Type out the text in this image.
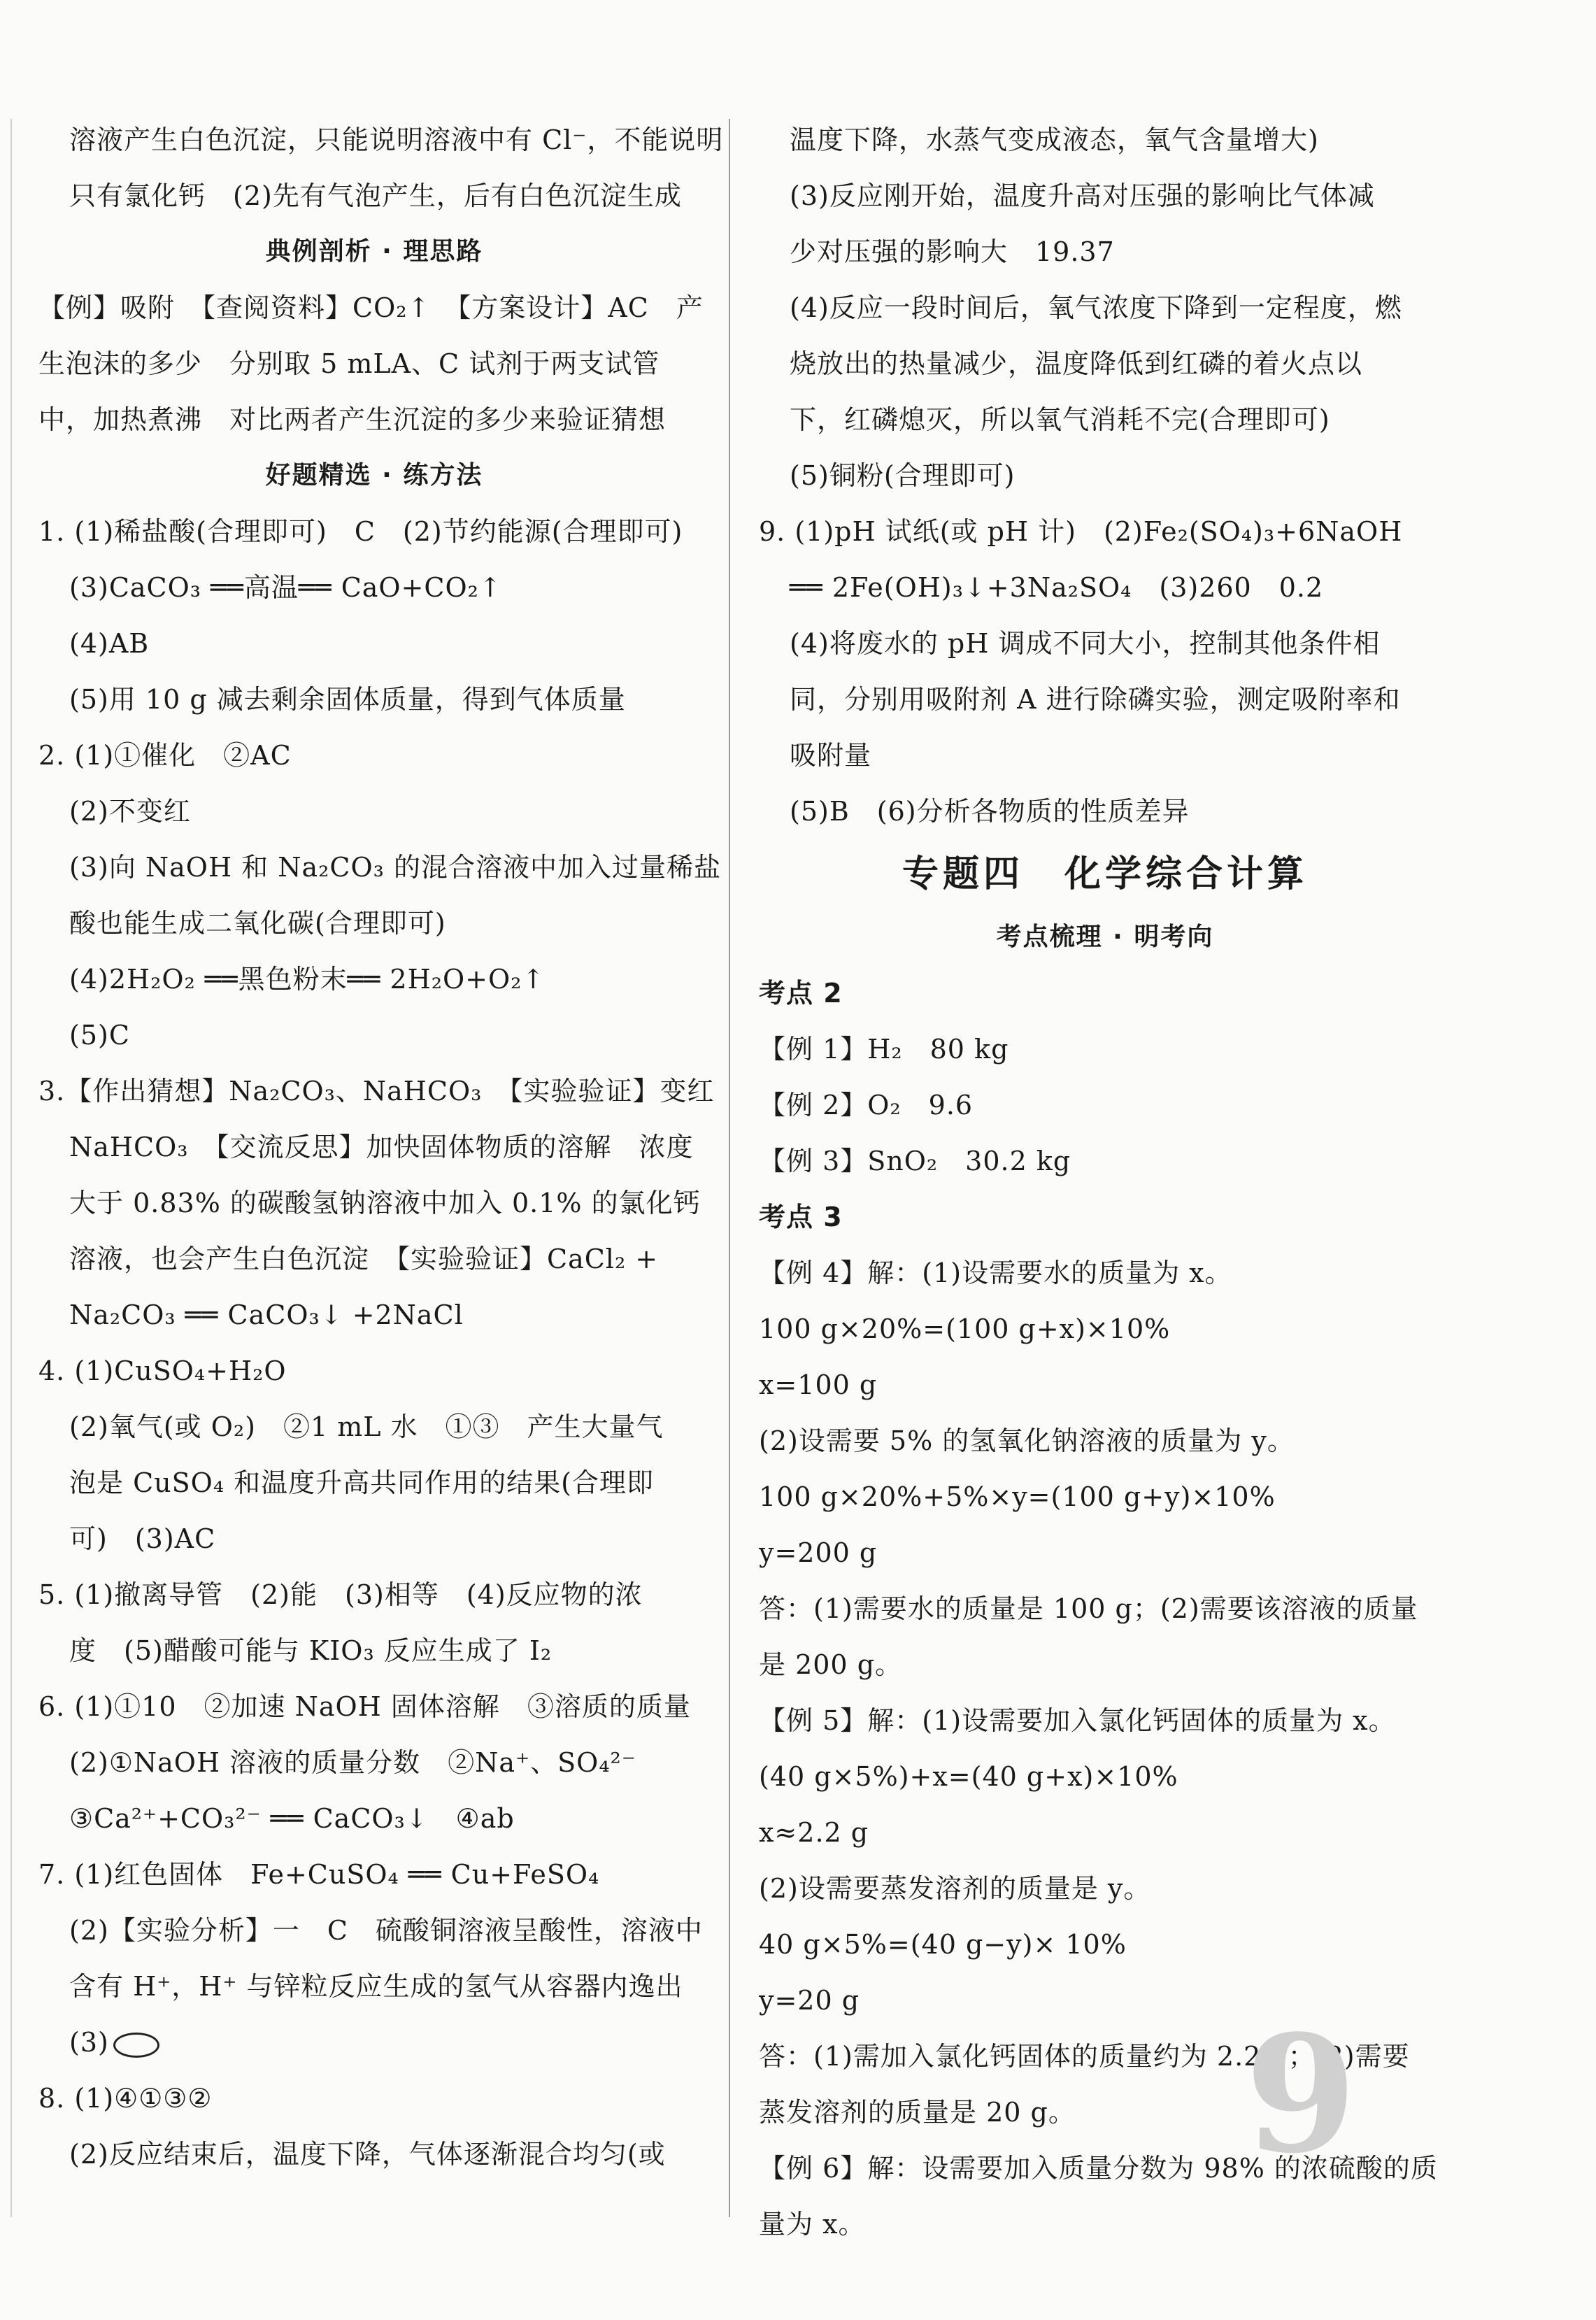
溶液产生白色沉淀，只能说明溶液中有 Cl⁻，不能说明
只有氯化钙　(2)先有气泡产生，后有白色沉淀生成
典例剖析 · 理思路
【例】吸附　【查阅资料】CO₂↑　【方案设计】AC　产
生泡沫的多少　分别取 5 mLA、C 试剂于两支试管
中，加热煮沸　对比两者产生沉淀的多少来验证猜想
好题精选 · 练方法
1. (1)稀盐酸(合理即可)　C　(2)节约能源(合理即可)
(3)CaCO₃ ══高温══ CaO+CO₂↑
(4)AB
(5)用 10 g 减去剩余固体质量，得到气体质量
2. (1)①催化　②AC
(2)不变红
(3)向 NaOH 和 Na₂CO₃ 的混合溶液中加入过量稀盐
酸也能生成二氧化碳(合理即可)
(4)2H₂O₂ ══黑色粉末══ 2H₂O+O₂↑
(5)C
3.【作出猜想】Na₂CO₃、NaHCO₃　【实验验证】变红
NaHCO₃　【交流反思】加快固体物质的溶解　浓度
大于 0.83% 的碳酸氢钠溶液中加入 0.1% 的氯化钙
溶液，也会产生白色沉淀　【实验验证】CaCl₂ +
Na₂CO₃ ══ CaCO₃↓ +2NaCl
4. (1)CuSO₄+H₂O
(2)氧气(或 O₂)　②1 mL 水　①③　产生大量气
泡是 CuSO₄ 和温度升高共同作用的结果(合理即
可)　(3)AC
5. (1)撤离导管　(2)能　(3)相等　(4)反应物的浓
度　(5)醋酸可能与 KIO₃ 反应生成了 I₂
6. (1)①10　②加速 NaOH 固体溶解　③溶质的质量
(2)①NaOH 溶液的质量分数　②Na⁺、SO₄²⁻
③Ca²⁺+CO₃²⁻ ══ CaCO₃↓　④ab
7. (1)红色固体　Fe+CuSO₄ ══ Cu+FeSO₄
(2)【实验分析】一　C　硫酸铜溶液呈酸性，溶液中
含有 H⁺，H⁺ 与锌粒反应生成的氢气从容器内逸出
(3)
8. (1)④①③②
(2)反应结束后，温度下降，气体逐渐混合均匀(或
温度下降，水蒸气变成液态，氧气含量增大)
(3)反应刚开始，温度升高对压强的影响比气体减
少对压强的影响大　19.37
(4)反应一段时间后，氧气浓度下降到一定程度，燃
烧放出的热量减少，温度降低到红磷的着火点以
下，红磷熄灭，所以氧气消耗不完(合理即可)
(5)铜粉(合理即可)
9. (1)pH 试纸(或 pH 计)　(2)Fe₂(SO₄)₃+6NaOH
══ 2Fe(OH)₃↓+3Na₂SO₄　(3)260　0.2
(4)将废水的 pH 调成不同大小，控制其他条件相
同，分别用吸附剂 A 进行除磷实验，测定吸附率和
吸附量
(5)B　(6)分析各物质的性质差异
专题四　化学综合计算
考点梳理 · 明考向
考点 2
【例 1】H₂　80 kg
【例 2】O₂　9.6
【例 3】SnO₂　30.2 kg
考点 3
【例 4】解：(1)设需要水的质量为 x。
100 g×20%=(100 g+x)×10%
x=100 g
(2)设需要 5% 的氢氧化钠溶液的质量为 y。
100 g×20%+5%×y=(100 g+y)×10%
y=200 g
答：(1)需要水的质量是 100 g；(2)需要该溶液的质量
是 200 g。
【例 5】解：(1)设需要加入氯化钙固体的质量为 x。
(40 g×5%)+x=(40 g+x)×10%
x≈2.2 g
(2)设需要蒸发溶剂的质量是 y。
40 g×5%=(40 g−y)× 10%
y=20 g
答：(1)需加入氯化钙固体的质量约为 2.2 g；(2)需要
蒸发溶剂的质量是 20 g。
【例 6】解：设需要加入质量分数为 98% 的浓硫酸的质
量为 x。
9
